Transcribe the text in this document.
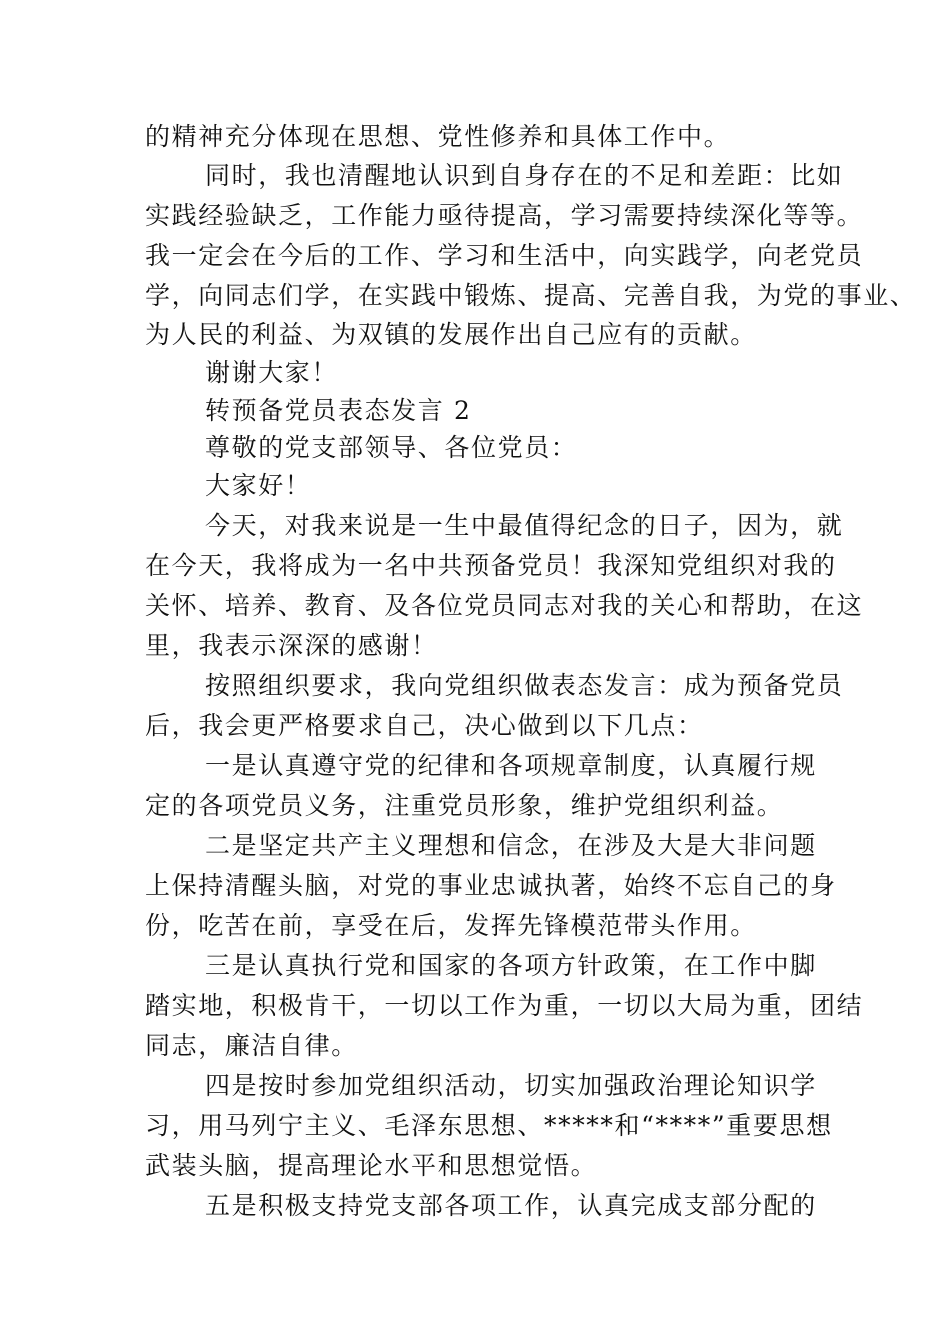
的精神充分体现在思想、党性修养和具体工作中。
同时，我也清醒地认识到自身存在的不足和差距：比如
实践经验缺乏，工作能力亟待提高，学习需要持续深化等等。
我一定会在今后的工作、学习和生活中，向实践学，向老党员
学，向同志们学，在实践中锻炼、提高、完善自我，为党的事业、
为人民的利益、为双镇的发展作出自己应有的贡献。
谢谢大家！
转预备党员表态发言 2
尊敬的党支部领导、各位党员：
大家好！
今天，对我来说是一生中最值得纪念的日子，因为，就
在今天，我将成为一名中共预备党员！我深知党组织对我的
关怀、培养、教育、及各位党员同志对我的关心和帮助，在这
里，我表示深深的感谢！
按照组织要求，我向党组织做表态发言：成为预备党员
后，我会更严格要求自己，决心做到以下几点：
一是认真遵守党的纪律和各项规章制度，认真履行规
定的各项党员义务，注重党员形象，维护党组织利益。
二是坚定共产主义理想和信念，在涉及大是大非问题
上保持清醒头脑，对党的事业忠诚执著，始终不忘自己的身
份，吃苦在前，享受在后，发挥先锋模范带头作用。
三是认真执行党和国家的各项方针政策，在工作中脚
踏实地，积极肯干，一切以工作为重，一切以大局为重，团结
同志，廉洁自律。
四是按时参加党组织活动，切实加强政治理论知识学
习，用马列宁主义、毛泽东思想、*****和“****”重要思想
武装头脑，提高理论水平和思想觉悟。
五是积极支持党支部各项工作，认真完成支部分配的
